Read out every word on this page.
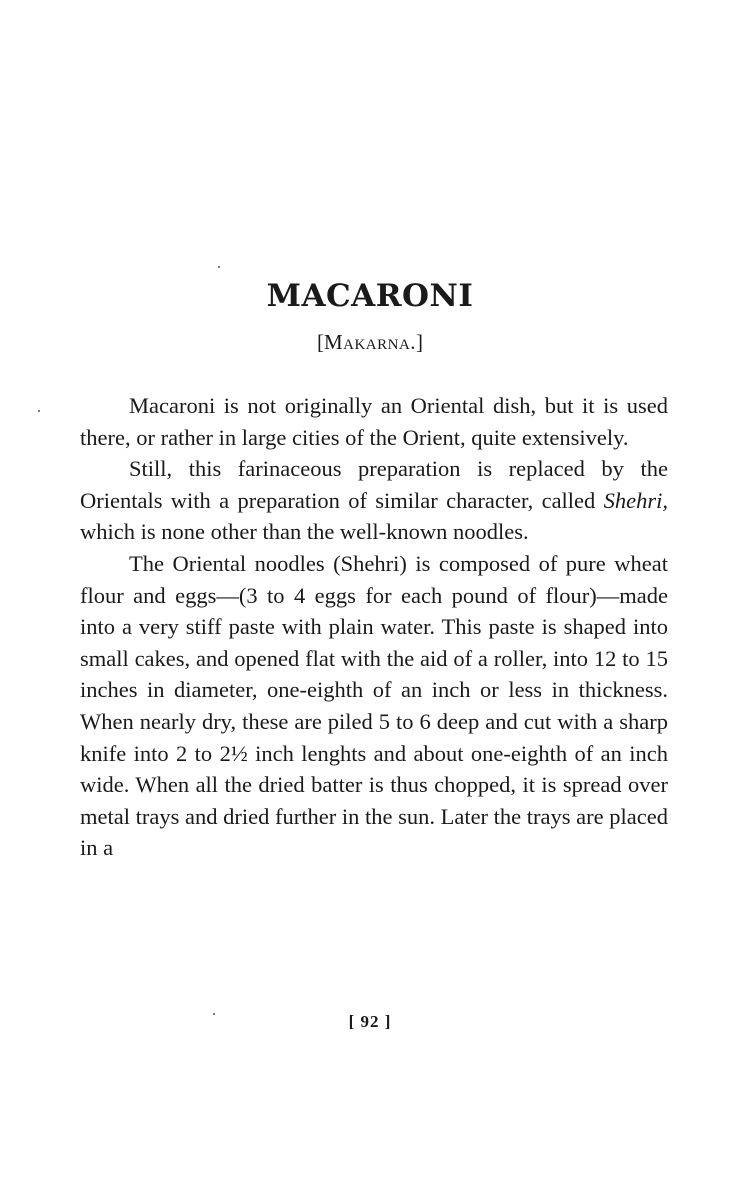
MACARONI
[Makarna.]

Macaroni is not originally an Oriental dish, but it is used there, or rather in large cities of the Orient, quite extensively.

Still, this farinaceous preparation is replaced by the Orientals with a preparation of similar character, called Shehri, which is none other than the well-known noodles.

The Oriental noodles (Shehri) is composed of pure wheat flour and eggs—(3 to 4 eggs for each pound of flour)—made into a very stiff paste with plain water. This paste is shaped into small cakes, and opened flat with the aid of a roller, into 12 to 15 inches in diameter, one-eighth of an inch or less in thickness. When nearly dry, these are piled 5 to 6 deep and cut with a sharp knife into 2 to 2½ inch lenghts and about one-eighth of an inch wide. When all the dried batter is thus chopped, it is spread over metal trays and dried further in the sun. Later the trays are placed in a

[ 92 ]
